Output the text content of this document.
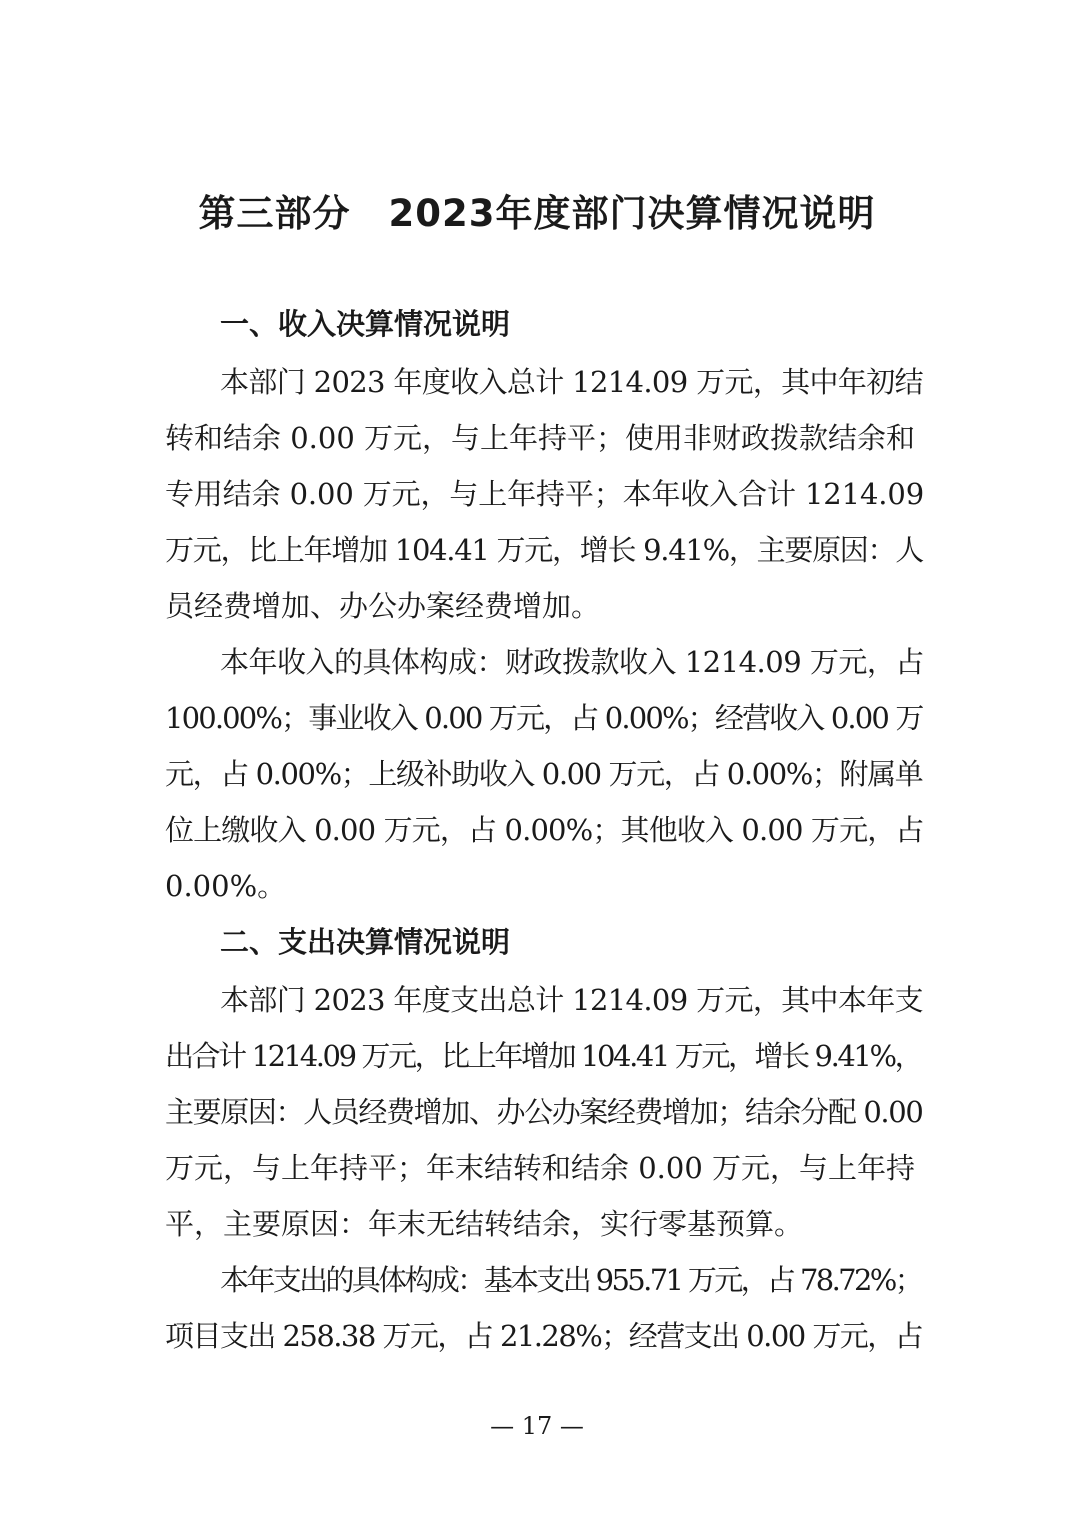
第三部分　2023年度部门决算情况说明
一、收入决算情况说明

本部门 2023 年度收入总计 1214.09 万元，其中年初结

转和结余 0.00 万元，与上年持平；使用非财政拨款结余和

专用结余 0.00 万元，与上年持平；本年收入合计 1214.09

万元，比上年增加 104.41 万元，增长 9.41%，主要原因：人

员经费增加、办公办案经费增加。

本年收入的具体构成：财政拨款收入 1214.09 万元，占

100.00%；事业收入 0.00 万元，占 0.00%；经营收入 0.00 万

元，占 0.00%；上级补助收入 0.00 万元，占 0.00%；附属单

位上缴收入 0.00 万元，占 0.00%；其他收入 0.00 万元，占

0.00%。

二、支出决算情况说明

本部门 2023 年度支出总计 1214.09 万元，其中本年支

出合计 1214.09 万元，比上年增加 104.41 万元，增长 9.41%，

主要原因：人员经费增加、办公办案经费增加；结余分配 0.00

万元，与上年持平；年末结转和结余 0.00 万元，与上年持

平，主要原因：年末无结转结余，实行零基预算。

本年支出的具体构成：基本支出 955.71 万元，占 78.72%；

项目支出 258.38 万元，占 21.28%；经营支出 0.00 万元，占

— 17 —
